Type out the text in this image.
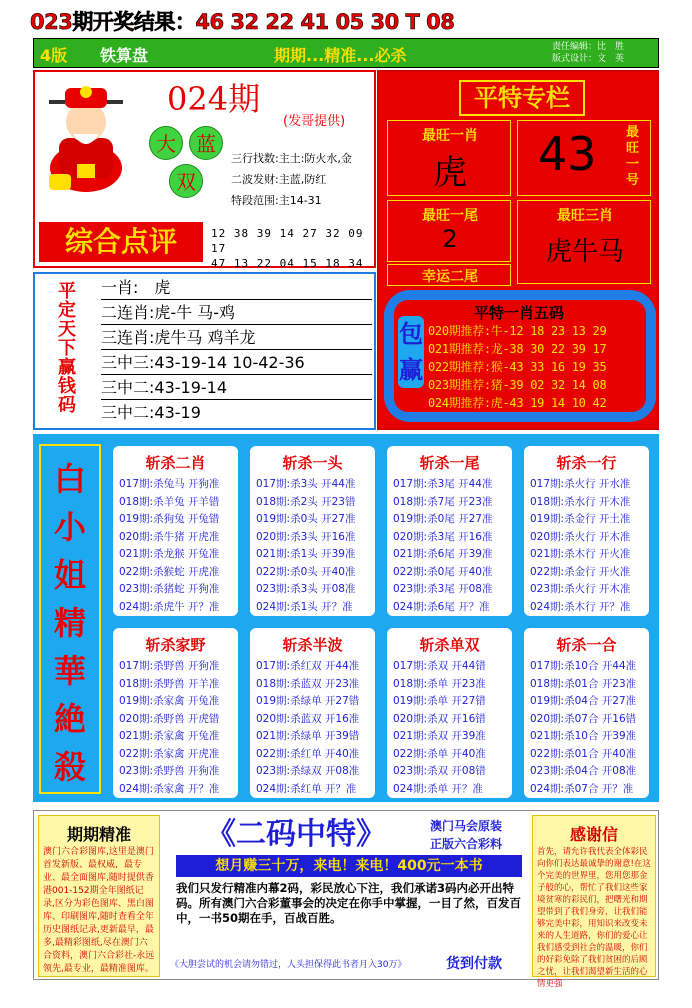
023期开奖结果：46 32 22 41 05 30 T 08
4版 铁算盘	期期...精准...必杀	责任编辑：比　胜
版式设计：文　英
024期
(发哥提供)
大	蓝
双
三行找数:主土:防火水,金
二波发财:主蓝,防红
特段范围:主14-31
综合点评	12 38 39 14 27 32 09 17
47 13 22 04 15 18 34
平特专栏
最旺一肖
虎	43 最旺一号
最旺一尾
2
最旺三肖
虎牛马
幸运二尾
平定天下赢钱码
一肖:　虎
二连肖:虎-牛 马-鸡
三连肖:虎牛马 鸡羊龙
三中三:43-19-14 10-42-36
三中二:43-19-14
三中二:43-19
平特一肖五码
包赢
020期推荐:牛-12 18 23 13 29
021期推荐:龙-38 30 22 39 17
022期推荐:猴-43 33 16 19 35
023期推荐:猪-39 02 32 14 08
024期推荐:虎-43 19 14 10 42
白
小
姐
精
華
絶
殺
斩杀二肖
017期:杀兔马 开狗准
018期:杀羊兔 开羊错
019期:杀狗兔 开兔错
020期:杀牛猪 开虎准
021期:杀龙猴 开兔准
022期:杀猴蛇 开虎准
023期:杀猪蛇 开狗准
024期:杀虎牛 开？准
斩杀一头
017期:杀3头 开44准
018期:杀2头 开23错
019期:杀0头 开27准
020期:杀3头 开16准
021期:杀1头 开39准
022期:杀0头 开40准
023期:杀3头 开08准
024期:杀1头 开？准
斩杀一尾
017期:杀3尾 开44准
018期:杀7尾 开23准
019期:杀0尾 开27准
020期:杀3尾 开16准
021期:杀6尾 开39准
022期:杀0尾 开40准
023期:杀3尾 开08准
024期:杀6尾 开？准
斩杀一行
017期:杀火行 开水准
018期:杀水行 开木准
019期:杀金行 开土准
020期:杀火行 开木准
021期:杀木行 开火准
022期:杀金行 开火准
023期:杀火行 开木准
024期:杀木行 开？准
斩杀家野
017期:杀野兽 开狗准
018期:杀野兽 开羊准
019期:杀家禽 开兔准
020期:杀野兽 开虎错
021期:杀家禽 开兔准
022期:杀家禽 开虎准
023期:杀野兽 开狗准
024期:杀家禽 开？准
斩杀半波
017期:杀红双 开44准
018期:杀蓝双 开23准
019期:杀绿单 开27错
020期:杀蓝双 开16准
021期:杀绿单 开39错
022期:杀红单 开40准
023期:杀绿双 开08准
024期:杀红单 开？准
斩杀单双
017期:杀双 开44错
018期:杀单 开23准
019期:杀单 开27错
020期:杀双 开16错
021期:杀双 开39准
022期:杀单 开40准
023期:杀双 开08错
024期:杀单 开？准
斩杀一合
017期:杀10合 开44准
018期:杀01合 开23准
019期:杀04合 开27准
020期:杀07合 开16错
021期:杀10合 开39准
022期:杀01合 开40准
023期:杀04合 开08准
024期:杀07合 开？准
期期精准
澳门六合彩图库,这里是澳门首发新版、最权威，最专业、最全面图库,随时提供香港001-152期全年图纸记录,区分为彩色图库、黑白图库、印刷图库,随时查看全年历史图纸记录,更新最早，最多,最精彩图纸,尽在澳门六合资料，澳门六合彩社-永远领先,最专业，最精准图库。
《二码中特》	澳门马会原装
正版六合彩料
想月赚三十万，来电！来电！400元一本书
我们只发行精准内幕2码，彩民放心下注，我们承诺3码内必开出特码。所有澳门六合彩董事会的决定在你手中掌握，一目了然，百发百中，一书50期在手，百战百胜。
《大胆尝试的机会请勿错过，人头担保得此书者月入30万》	货到付款
感谢信
首先，请允许我代表全体彩民向你们表达最诚挚的谢意!在这个完美的世界里，您用您那金子般的心，帮忙了我们这些家境贫寒的彩民们，把曙光和期望带到了我们身旁，让我们能够完美中彩，用知识来改变未来的人生道路，你们的爱心让我们感受到社会的温暖，你们的好彩免除了我们贫困的后顾之忧，让我们渴望新生活的心情更强
